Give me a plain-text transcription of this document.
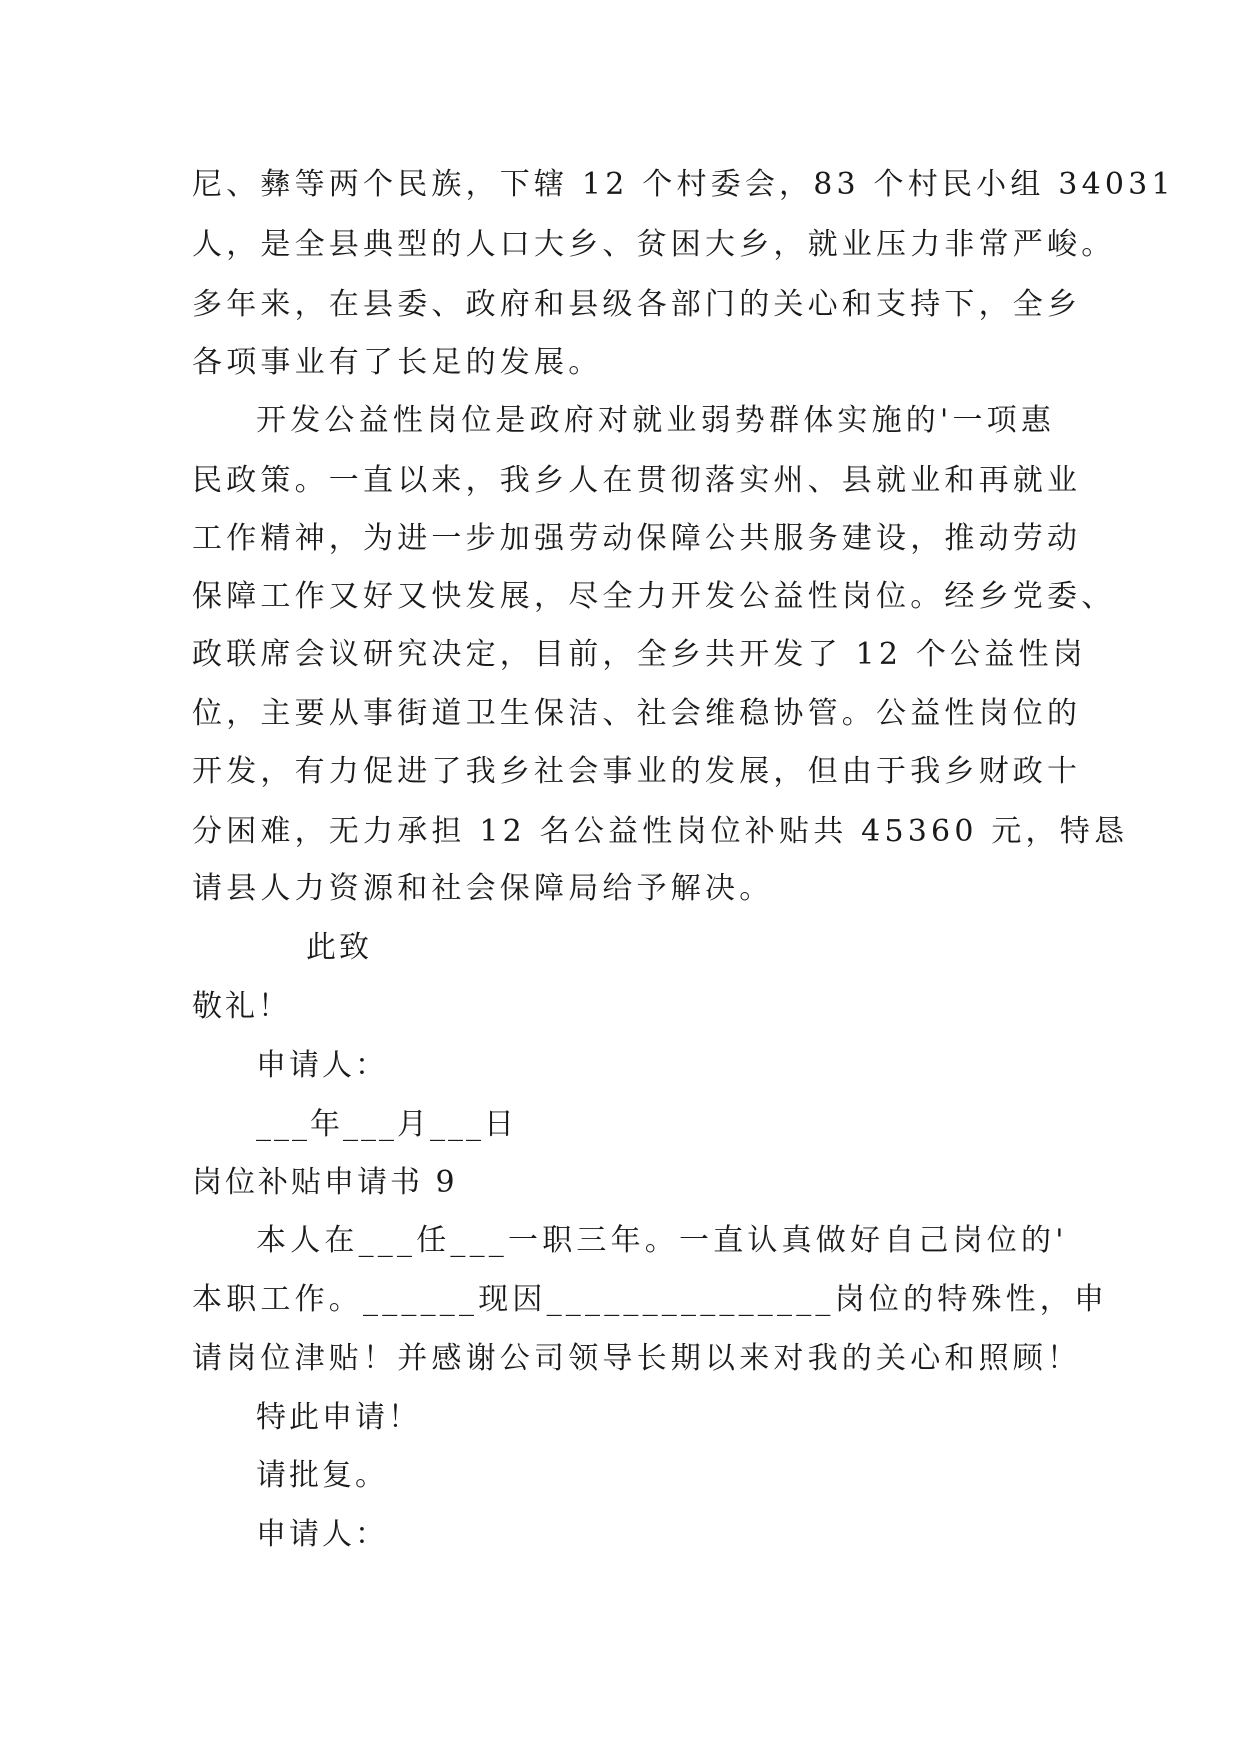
尼、彝等两个民族，下辖 12 个村委会，83 个村民小组 34031
人，是全县典型的人口大乡、贫困大乡，就业压力非常严峻。
多年来，在县委、政府和县级各部门的关心和支持下，全乡
各项事业有了长足的发展。
开发公益性岗位是政府对就业弱势群体实施的'一项惠
民政策。一直以来，我乡人在贯彻落实州、县就业和再就业
工作精神，为进一步加强劳动保障公共服务建设，推动劳动
保障工作又好又快发展，尽全力开发公益性岗位。经乡党委、
政联席会议研究决定，目前，全乡共开发了 12 个公益性岗
位，主要从事街道卫生保洁、社会维稳协管。公益性岗位的
开发，有力促进了我乡社会事业的发展，但由于我乡财政十
分困难，无力承担 12 名公益性岗位补贴共 45360 元，特恳
请县人力资源和社会保障局给予解决。
此致
敬礼！
申请人：
___年___月___日
岗位补贴申请书 9
本人在___任___一职三年。一直认真做好自己岗位的'
本职工作。______现因_______________岗位的特殊性，申
请岗位津贴！并感谢公司领导长期以来对我的关心和照顾！
特此申请！
请批复。
申请人：
